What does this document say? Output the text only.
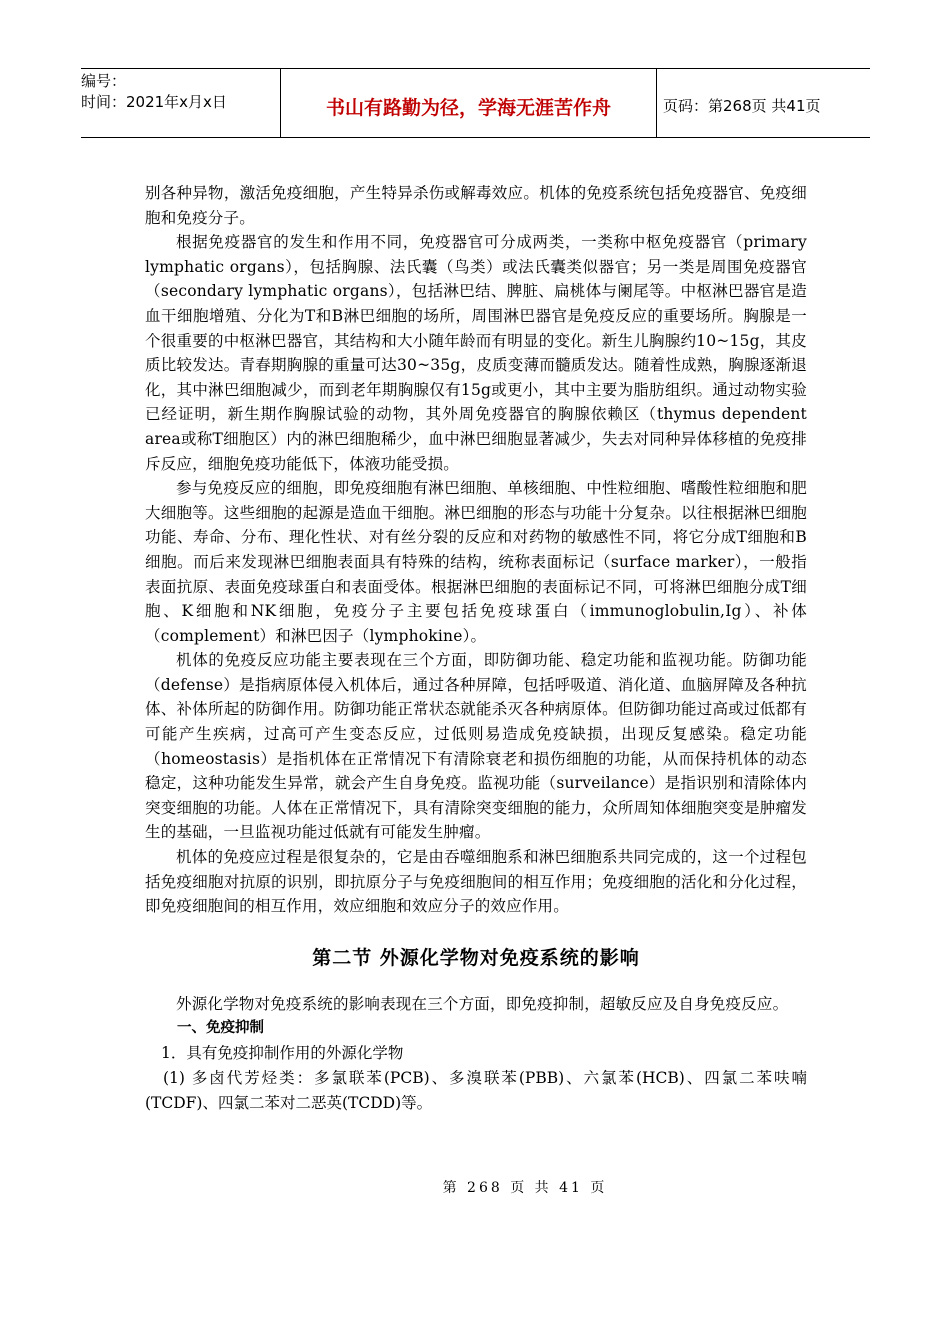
编号：
时间：2021年x月x日	书山有路勤为径，学海无涯苦作舟	页码：第268页 共41页

别各种异物，激活免疫细胞，产生特异杀伤或解毒效应。机体的免疫系统包括免疫器官、免疫细胞和免疫分子。

根据免疫器官的发生和作用不同，免疫器官可分成两类，一类称中枢免疫器官（primary lymphatic organs），包括胸腺、法氏囊（鸟类）或法氏囊类似器官；另一类是周围免疫器官（secondary lymphatic organs），包括淋巴结、脾脏、扁桃体与阑尾等。中枢淋巴器官是造血干细胞增殖、分化为T和B淋巴细胞的场所，周围淋巴器官是免疫反应的重要场所。胸腺是一个很重要的中枢淋巴器官，其结构和大小随年龄而有明显的变化。新生儿胸腺约10~15g，其皮质比较发达。青春期胸腺的重量可达30~35g，皮质变薄而髓质发达。随着性成熟，胸腺逐渐退化，其中淋巴细胞减少，而到老年期胸腺仅有15g或更小，其中主要为脂肪组织。通过动物实验已经证明，新生期作胸腺试验的动物，其外周免疫器官的胸腺依赖区（thymus dependent area或称T细胞区）内的淋巴细胞稀少，血中淋巴细胞显著减少，失去对同种异体移植的免疫排斥反应，细胞免疫功能低下，体液功能受损。

参与免疫反应的细胞，即免疫细胞有淋巴细胞、单核细胞、中性粒细胞、嗜酸性粒细胞和肥大细胞等。这些细胞的起源是造血干细胞。淋巴细胞的形态与功能十分复杂。以往根据淋巴细胞功能、寿命、分布、理化性状、对有丝分裂的反应和对药物的敏感性不同，将它分成T细胞和B细胞。而后来发现淋巴细胞表面具有特殊的结构，统称表面标记（surface marker），一般指表面抗原、表面免疫球蛋白和表面受体。根据淋巴细胞的表面标记不同，可将淋巴细胞分成T细胞、K细胞和NK细胞，免疫分子主要包括免疫球蛋白（immunoglobulin,Ig）、补体（complement）和淋巴因子（lymphokine）。

机体的免疫反应功能主要表现在三个方面，即防御功能、稳定功能和监视功能。防御功能（defense）是指病原体侵入机体后，通过各种屏障，包括呼吸道、消化道、血脑屏障及各种抗体、补体所起的防御作用。防御功能正常状态就能杀灭各种病原体。但防御功能过高或过低都有可能产生疾病，过高可产生变态反应，过低则易造成免疫缺损，出现反复感染。稳定功能（homeostasis）是指机体在正常情况下有清除衰老和损伤细胞的功能，从而保持机体的动态稳定，这种功能发生异常，就会产生自身免疫。监视功能（surveilance）是指识别和清除体内突变细胞的功能。人体在正常情况下，具有清除突变细胞的能力，众所周知体细胞突变是肿瘤发生的基础，一旦监视功能过低就有可能发生肿瘤。

机体的免疫应过程是很复杂的，它是由吞噬细胞系和淋巴细胞系共同完成的，这一个过程包括免疫细胞对抗原的识别，即抗原分子与免疫细胞间的相互作用；免疫细胞的活化和分化过程，即免疫细胞间的相互作用，效应细胞和效应分子的效应作用。

第二节 外源化学物对免疫系统的影响

外源化学物对免疫系统的影响表现在三个方面，即免疫抑制，超敏反应及自身免疫反应。

一、免疫抑制

1．具有免疫抑制作用的外源化学物

(1) 多卤代芳烃类：多氯联苯(PCB)、多溴联苯(PBB)、六氯苯(HCB)、四氯二苯呋喃(TCDF)、四氯二苯对二恶英(TCDD)等。

第 268 页 共 41 页
